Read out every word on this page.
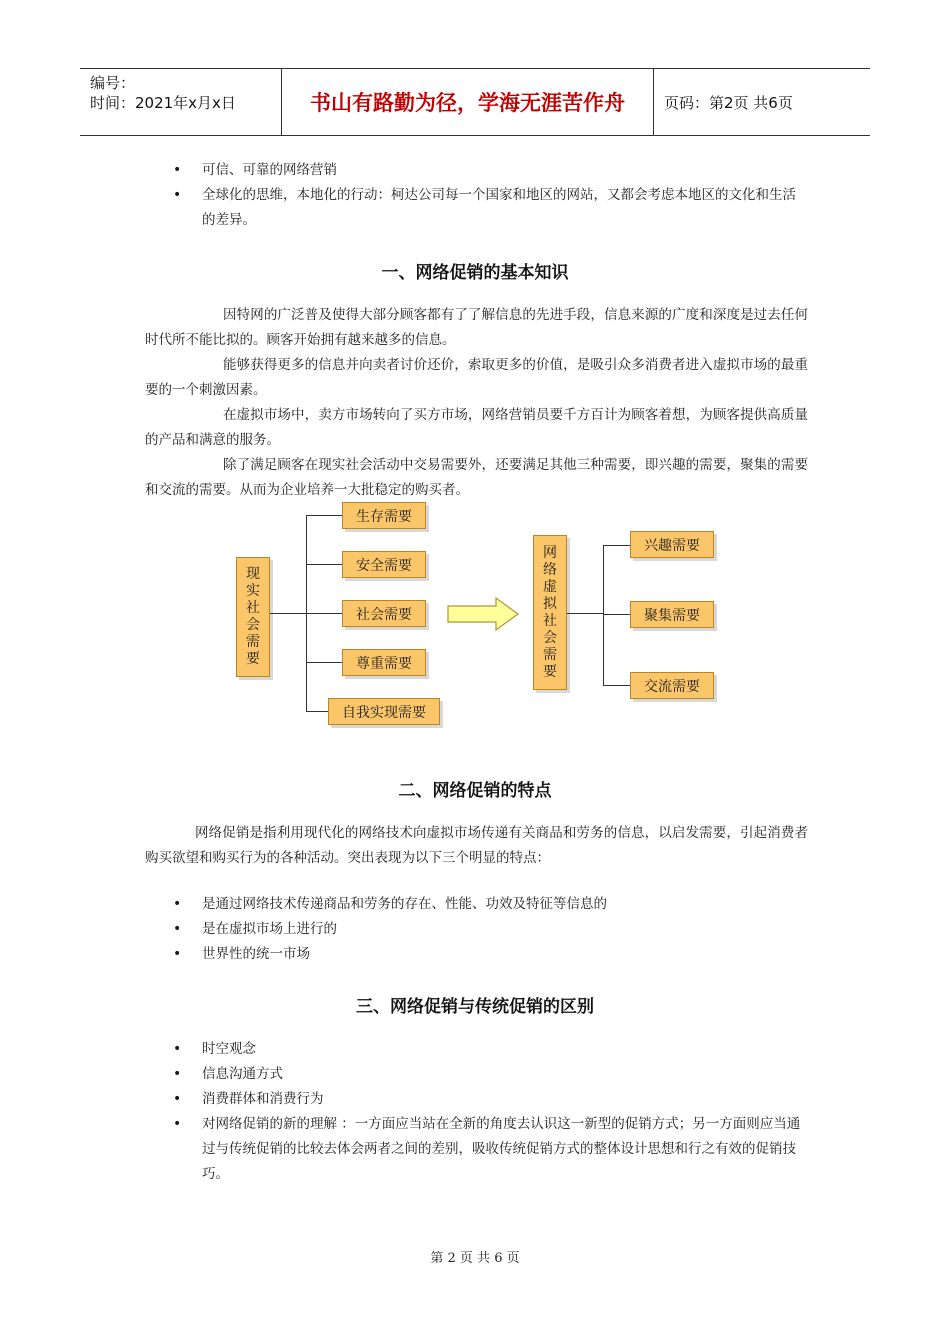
编号：
时间：2021年x月x日	书山有路勤为径，学海无涯苦作舟	页码：第2页 共6页
• 可信、可靠的网络营销
• 全球化的思维，本地化的行动：柯达公司每一个国家和地区的网站，又都会考虑本地区的文化和生活的差异。
一、网络促销的基本知识
因特网的广泛普及使得大部分顾客都有了了解信息的先进手段，信息来源的广度和深度是过去任何时代所不能比拟的。顾客开始拥有越来越多的信息。
能够获得更多的信息并向卖者讨价还价，索取更多的价值，是吸引众多消费者进入虚拟市场的最重要的一个刺激因素。
在虚拟市场中，卖方市场转向了买方市场，网络营销员要千方百计为顾客着想，为顾客提供高质量的产品和满意的服务。
除了满足顾客在现实社会活动中交易需要外，还要满足其他三种需要，即兴趣的需要，聚集的需要和交流的需要。从而为企业培养一大批稳定的购买者。
现
实
社
会
需
要
生存需要
安全需要
社会需要
尊重需要
自我实现需要
网
络
虚
拟
社
会
需
要
兴趣需要
聚集需要
交流需要
二、网络促销的特点
网络促销是指利用现代化的网络技术向虚拟市场传递有关商品和劳务的信息，以启发需要，引起消费者购买欲望和购买行为的各种活动。突出表现为以下三个明显的特点：
• 是通过网络技术传递商品和劳务的存在、性能、功效及特征等信息的
• 是在虚拟市场上进行的
• 世界性的统一市场
三、网络促销与传统促销的区别
• 时空观念
• 信息沟通方式
• 消费群体和消费行为
• 对网络促销的新的理解 ：一方面应当站在全新的角度去认识这一新型的促销方式；另一方面则应当通过与传统促销的比较去体会两者之间的差别，吸收传统促销方式的整体设计思想和行之有效的促销技巧。
第 2 页 共 6 页
